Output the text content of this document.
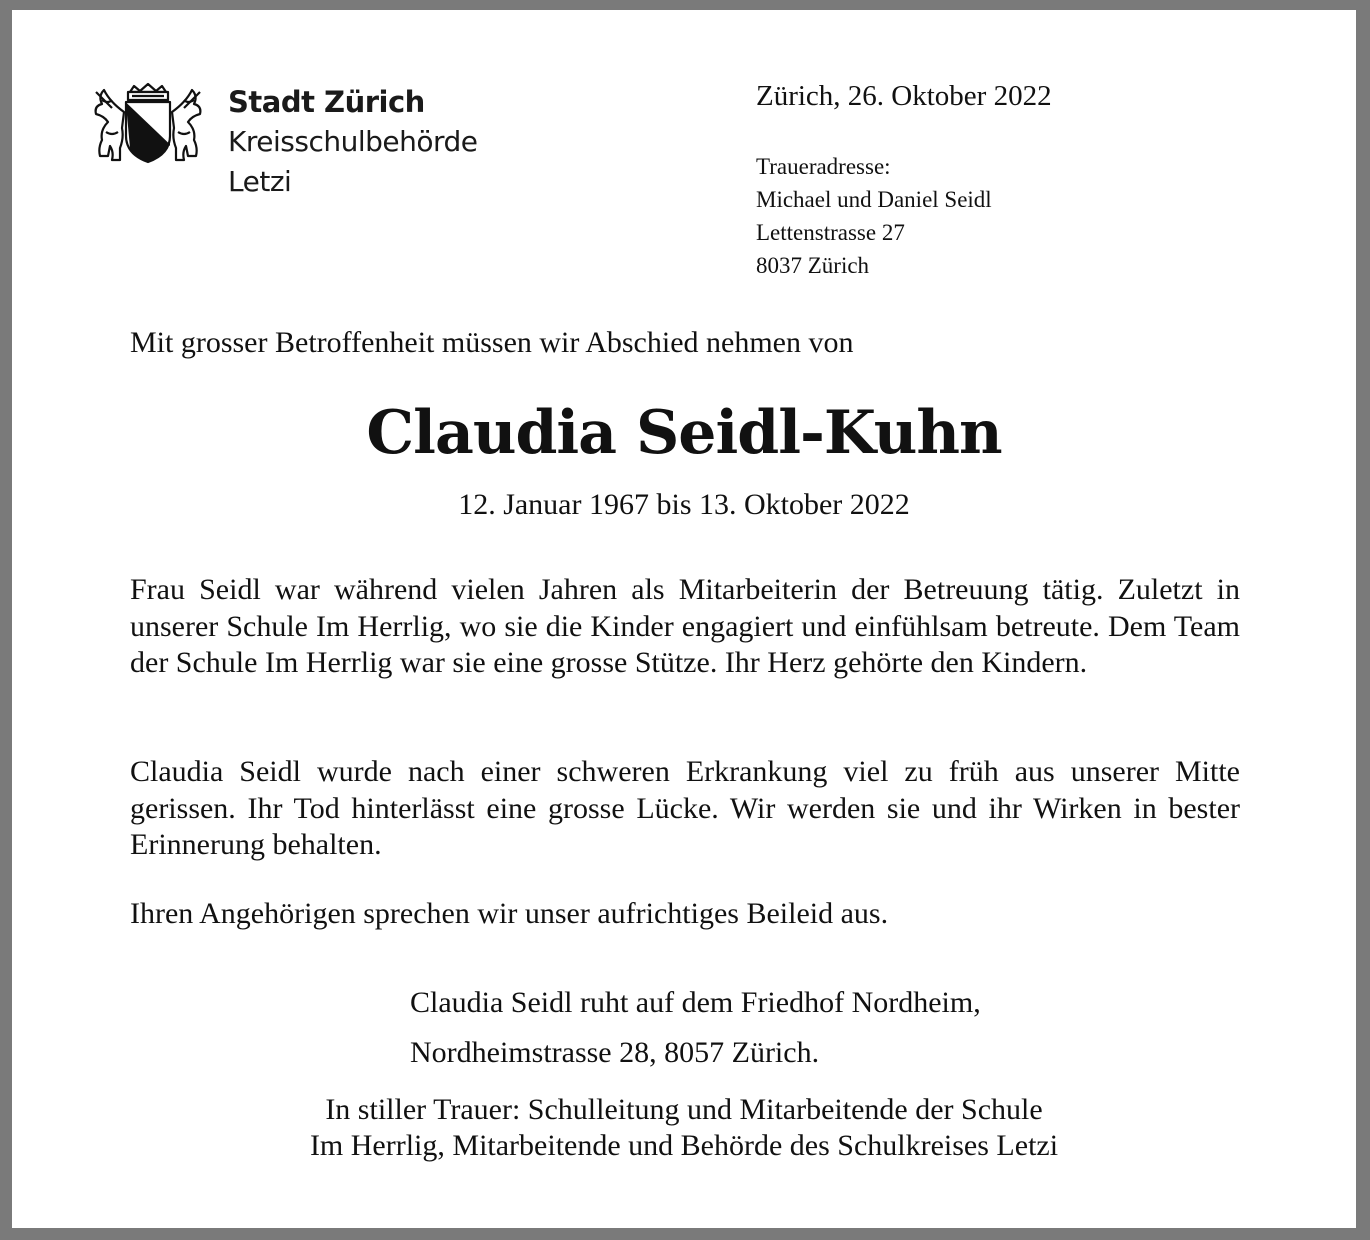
Stadt Zürich
Kreisschulbehörde
Letzi
Zürich, 26. Oktober 2022
Traueradresse:
Michael und Daniel Seidl
Lettenstrasse 27
8037 Zürich
Mit grosser Betroffenheit müssen wir Abschied nehmen von
Claudia Seidl-Kuhn
12. Januar 1967 bis 13. Oktober 2022
Frau Seidl war während vielen Jahren als Mitarbeiterin der Betreuung tätig. Zuletzt in unserer Schule Im Herrlig, wo sie die Kinder engagiert und einfühlsam betreute. Dem Team der Schule Im Herrlig war sie eine grosse Stütze. Ihr Herz gehörte den Kindern.
Claudia Seidl wurde nach einer schweren Erkrankung viel zu früh aus unserer Mitte gerissen. Ihr Tod hinterlässt eine grosse Lücke. Wir werden sie und ihr Wirken in bester Erinnerung behalten.
Ihren Angehörigen sprechen wir unser aufrichtiges Beileid aus.
Claudia Seidl ruht auf dem Friedhof Nordheim,
Nordheimstrasse 28, 8057 Zürich.
In stiller Trauer: Schulleitung und Mitarbeitende der Schule
Im Herrlig, Mitarbeitende und Behörde des Schulkreises Letzi
